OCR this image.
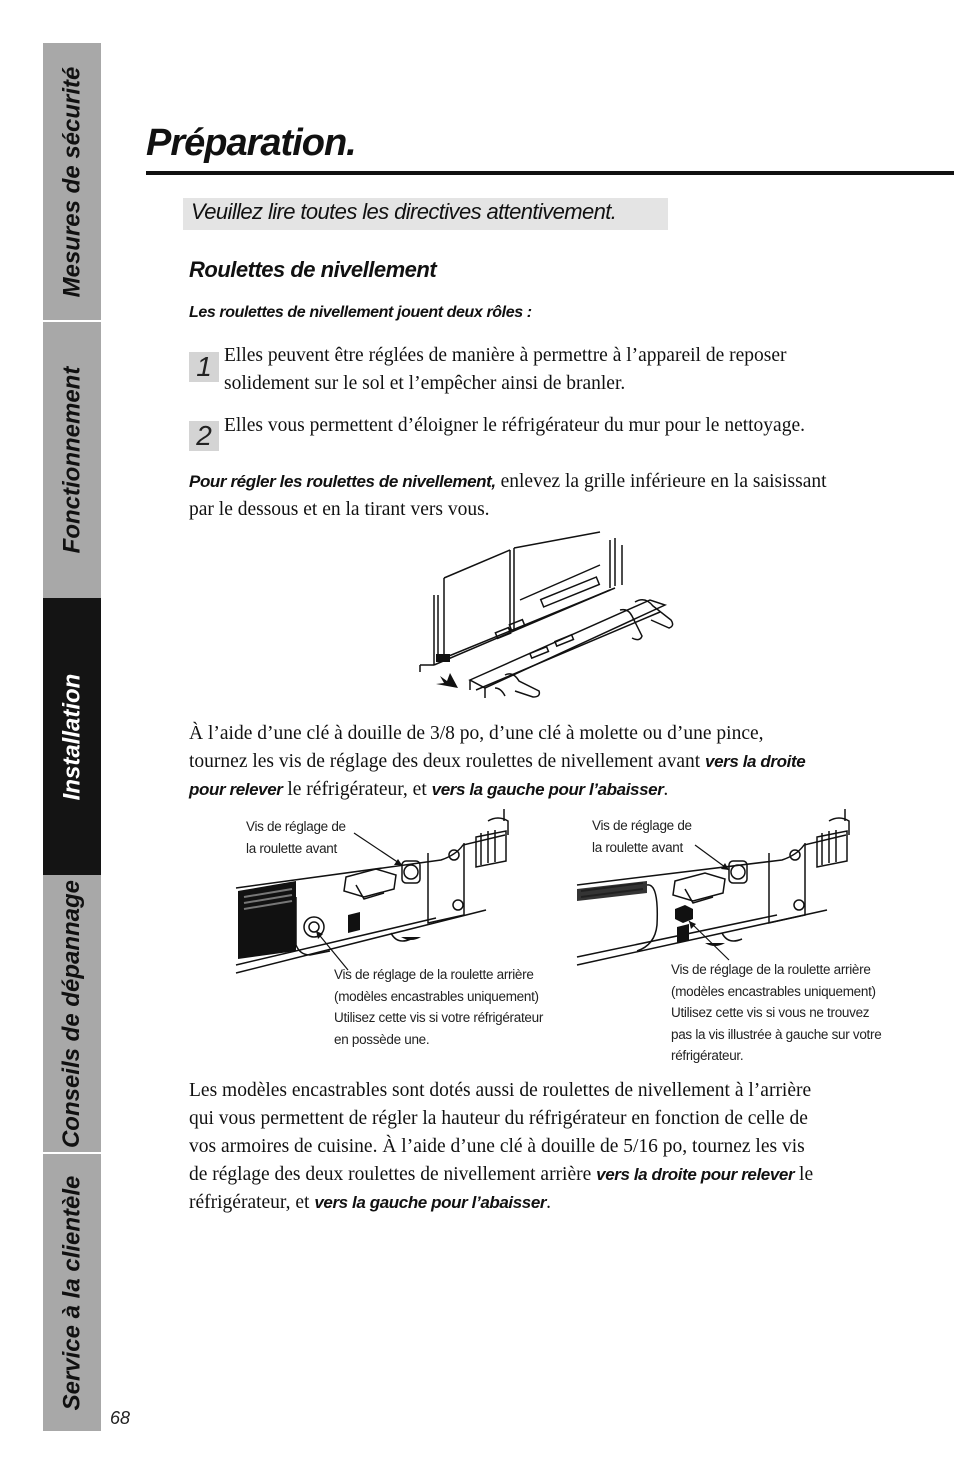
Mesures de sécurité
Fonctionnement
Installation
Conseils de dépannage
Service à la clientèle
68
Préparation.
Veuillez lire toutes les directives attentivement.
Roulettes de nivellement
Les roulettes de nivellement jouent deux rôles :
1 Elles peuvent être réglées de manière à permettre à l’appareil de reposer
solidement sur le sol et l’empêcher ainsi de branler.
2 Elles vous permettent d’éloigner le réfrigérateur du mur pour le nettoyage.
Pour régler les roulettes de nivellement, enlevez la grille inférieure en la saisissant
par le dessous et en la tirant vers vous.
À l’aide d’une clé à douille de 3/8 po, d’une clé à molette ou d’une pince,
tournez les vis de réglage des deux roulettes de nivellement avant vers la droite
pour relever le réfrigérateur, et vers la gauche pour l’abaisser.
Vis de réglage de
la roulette avant
Vis de réglage de la roulette arrière
(modèles encastrables uniquement)
Utilisez cette vis si votre réfrigérateur
en possède une.
Vis de réglage de
la roulette avant
Vis de réglage de la roulette arrière
(modèles encastrables uniquement)
Utilisez cette vis si vous ne trouvez
pas la vis illustrée à gauche sur votre
réfrigérateur.
Les modèles encastrables sont dotés aussi de roulettes de nivellement à l’arrière
qui vous permettent de régler la hauteur du réfrigérateur en fonction de celle de
vos armoires de cuisine. À l’aide d’une clé à douille de 5/16 po, tournez les vis
de réglage des deux roulettes de nivellement arrière vers la droite pour relever le
réfrigérateur, et vers la gauche pour l’abaisser.
